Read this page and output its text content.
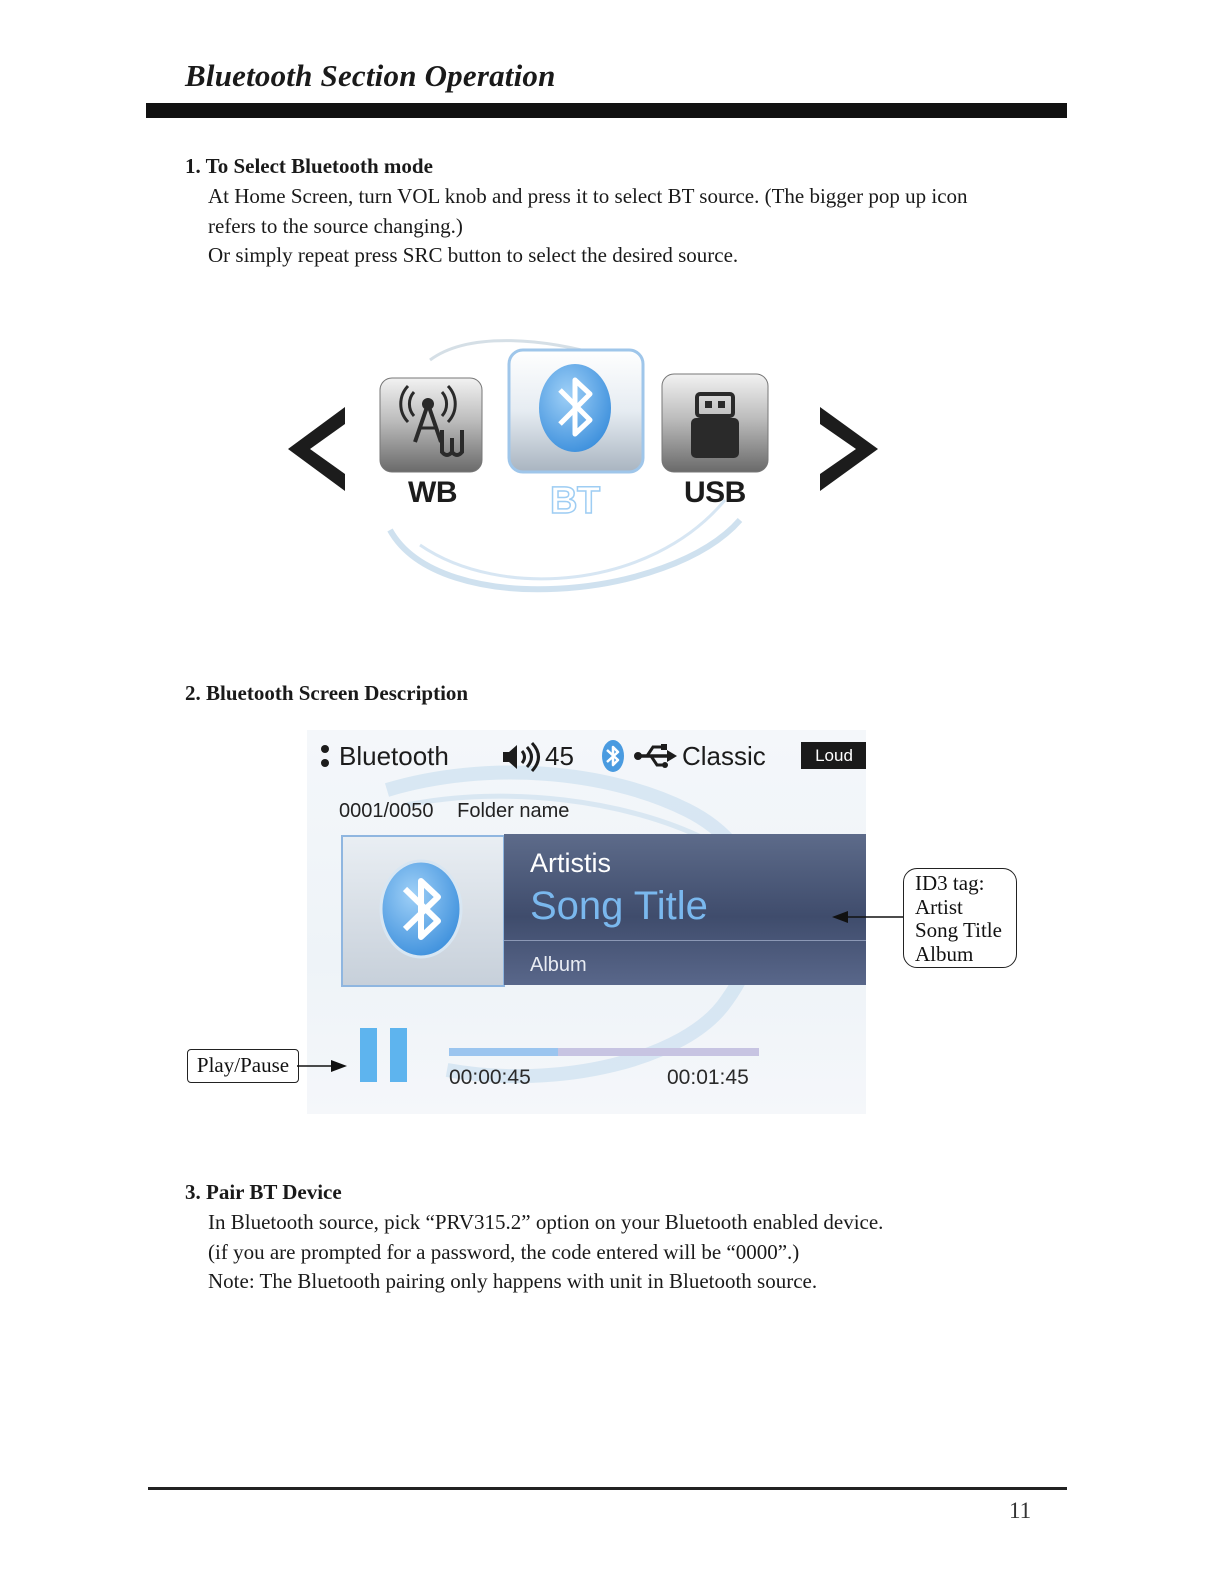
Bluetooth Section Operation
1. To Select Bluetooth mode

At Home Screen, turn VOL knob and press it to select BT source. (The bigger pop up icon
refers to the source changing.)
Or simply repeat press SRC button to select the desired source.

WB BT	USB
2. Bluetooth Screen Description
Bluetooth	45	Classic	Loud
0001/0050 Folder name
Artistis
Song Title
Album
00:00:45	00:01:45
ID3 tag:
Artist
Song Title
Album
Play/Pause
3. Pair BT Device

In Bluetooth source, pick “PRV315.2” option on your Bluetooth enabled device.
(if you are prompted for a password, the code entered will be “0000”.)
Note: The Bluetooth pairing only happens with unit in Bluetooth source.

11
